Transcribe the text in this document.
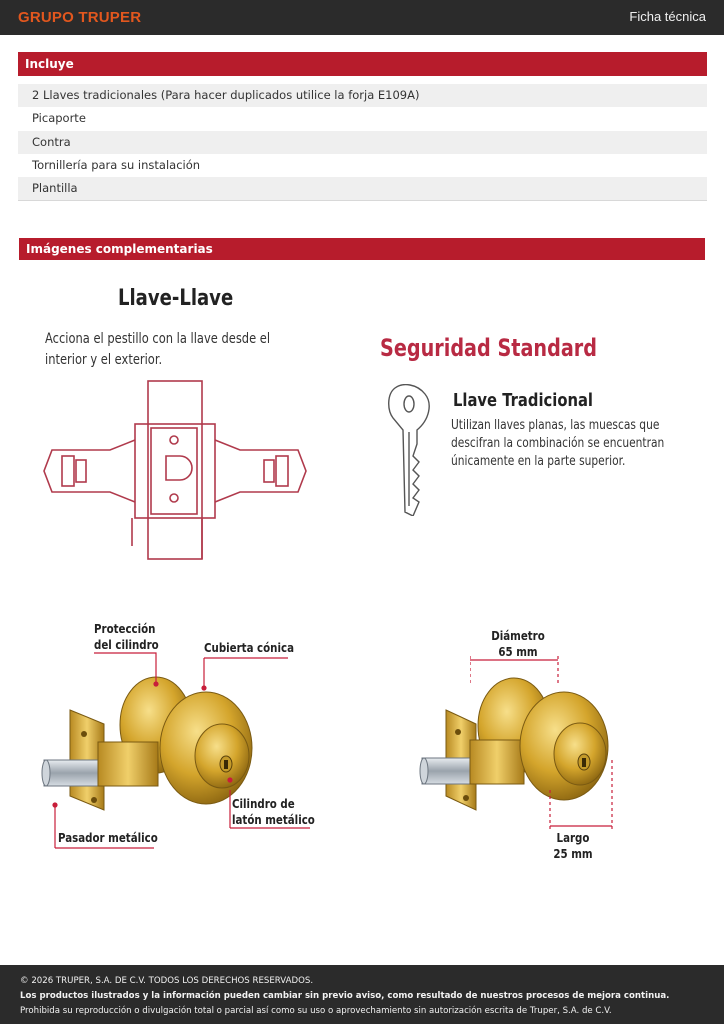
GRUPO TRUPER	Ficha técnica
Incluye
2 Llaves tradicionales (Para hacer duplicados utilice la forja E109A)
Picaporte
Contra
Tornillería para su instalación
Plantilla
Imágenes complementarias
Llave-Llave
Acciona el pestillo con la llave desde el
interior y el exterior.	Seguridad Standard
Llave Tradicional
Utilizan llaves planas, las muescas que
descifran la combinación se encuentran
únicamente en la parte superior.
Protección
del cilindro	Cubierta cónica
Cilindro de
latón metálico
Pasador metálico
Diámetro
65 mm
Largo
25 mm
© 2026 TRUPER, S.A. DE C.V. TODOS LOS DERECHOS RESERVADOS.
Los productos ilustrados y la información pueden cambiar sin previo aviso, como resultado de nuestros procesos de mejora continua.
Prohibida su reproducción o divulgación total o parcial así como su uso o aprovechamiento sin autorización escrita de Truper, S.A. de C.V.
